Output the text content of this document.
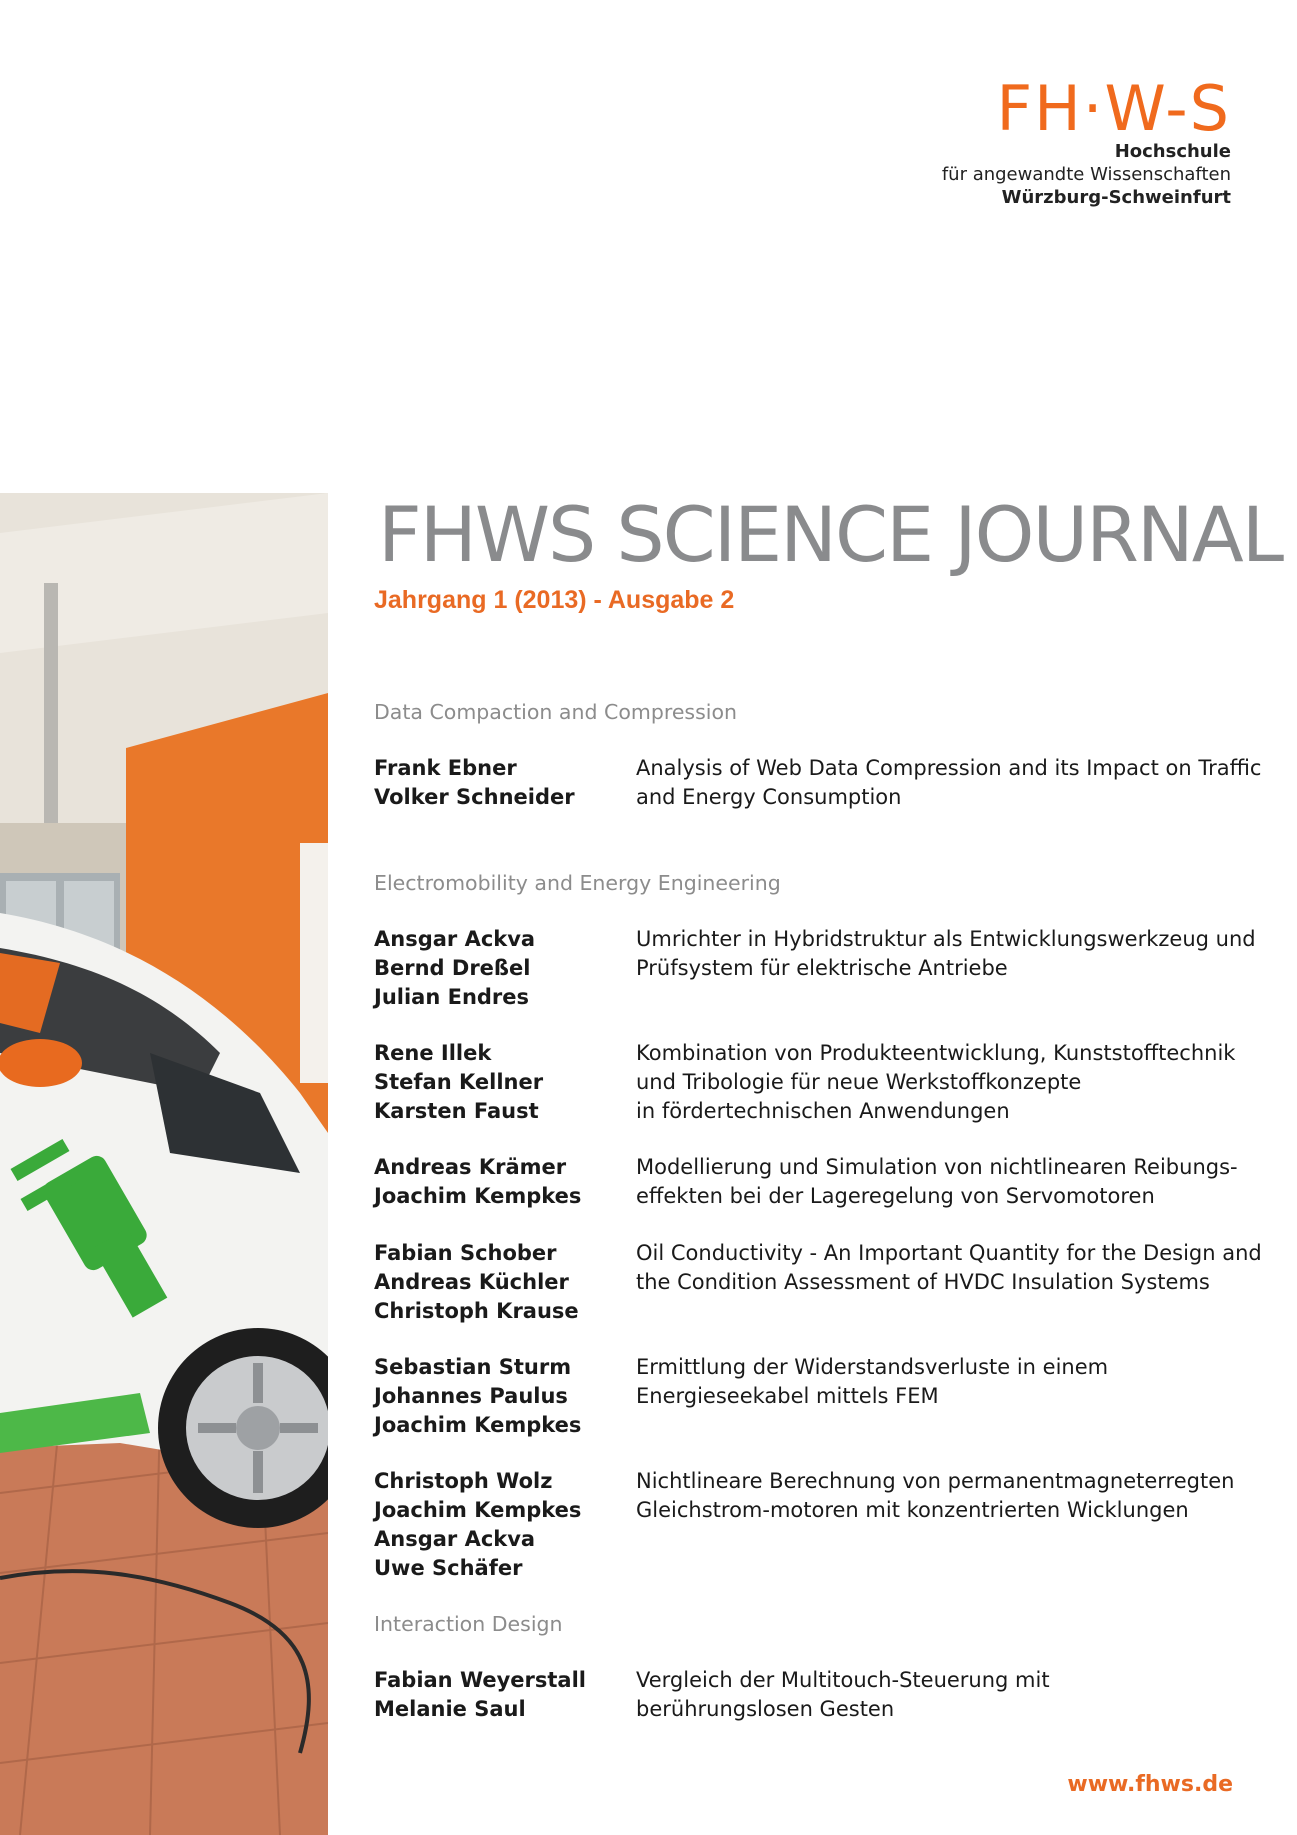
FH·W-S
Hochschule
für angewandte Wissenschaften
Würzburg-Schweinfurt
FHWS SCIENCE JOURNAL
Jahrgang 1 (2013) - Ausgabe 2
Data Compaction and Compression
Frank Ebner
Volker Schneider
Analysis of Web Data Compression and its Impact on Traffic
and Energy Consumption
Electromobility and Energy Engineering
Ansgar Ackva
Bernd Dreßel
Julian Endres
Umrichter in Hybridstruktur als Entwicklungswerkzeug und
Prüfsystem für elektrische Antriebe
Rene Illek
Stefan Kellner
Karsten Faust
Kombination von Produkteentwicklung, Kunststofftechnik
und Tribologie für neue Werkstoffkonzepte
in fördertechnischen Anwendungen
Andreas Krämer
Joachim Kempkes
Modellierung und Simulation von nichtlinearen Reibungs-
effekten bei der Lageregelung von Servomotoren
Fabian Schober
Andreas Küchler
Christoph Krause
Oil Conductivity - An Important Quantity for the Design and
the Condition Assessment of HVDC Insulation Systems
Sebastian Sturm
Johannes Paulus
Joachim Kempkes
Ermittlung der Widerstandsverluste in einem
Energieseekabel mittels FEM
Christoph Wolz
Joachim Kempkes
Ansgar Ackva
Uwe Schäfer
Nichtlineare Berechnung von permanentmagneterregten
Gleichstrom-motoren mit konzentrierten Wicklungen
Interaction Design
Fabian Weyerstall
Melanie Saul
Vergleich der Multitouch-Steuerung mit
berührungslosen Gesten
www.fhws.de
